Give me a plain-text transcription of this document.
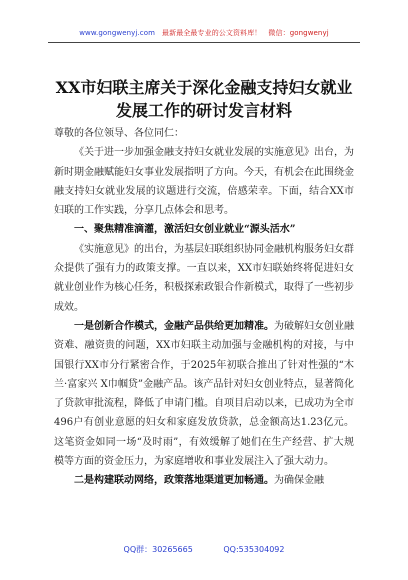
www.gongwenyj.com 最新最全最专业的公文资料库！ 微信：gongwenyj
XX市妇联主席关于深化金融支持妇女就业发展工作的研讨发言材料

尊敬的各位领导、各位同仁：

《关于进一步加强金融支持妇女就业发展的实施意见》出台，为新时期金融赋能妇女事业发展指明了方向。今天，有机会在此围绕金融支持妇女就业发展的议题进行交流，倍感荣幸。下面，结合XX市妇联的工作实践，分享几点体会和思考。

一、聚焦精准滴灌，激活妇女创业就业“源头活水”

《实施意见》的出台，为基层妇联组织协同金融机构服务妇女群众提供了强有力的政策支撑。一直以来，XX市妇联始终将促进妇女就业创业作为核心任务，积极探索政银合作新模式，取得了一些初步成效。

一是创新合作模式，金融产品供给更加精准。为破解妇女创业融资难、融资贵的问题，XX市妇联主动加强与金融机构的对接，与中国银行XX市分行紧密合作，于2025年初联合推出了针对性强的“木兰·富家兴 X巾帼贷”金融产品。该产品针对妇女创业特点，显著简化了贷款审批流程，降低了申请门槛。自项目启动以来，已成功为全市496户有创业意愿的妇女和家庭发放贷款，总金额高达1.23亿元。这笔资金如同一场“及时雨”，有效缓解了她们在生产经营、扩大规模等方面的资金压力，为家庭增收和事业发展注入了强大动力。

二是构建联动网络，政策落地渠道更加畅通。为确保金融

QQ群：30265665	QQ:535304092
